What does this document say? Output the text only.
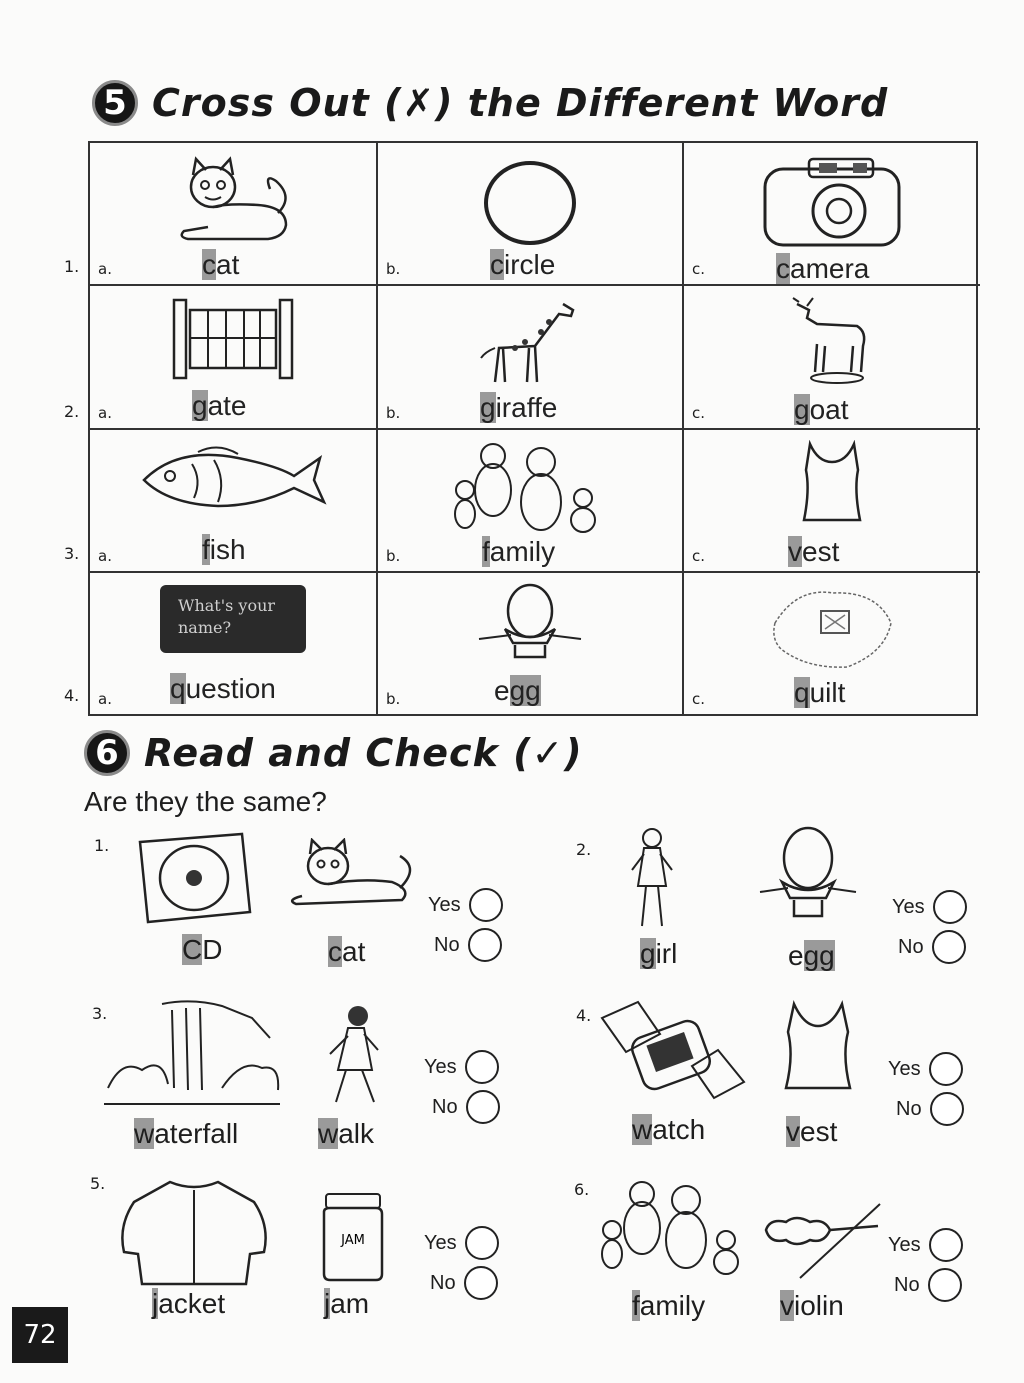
5 Cross Out (✗) the Different Word
1.
2.
3.
4.
a.	cat	b.	circle	c.	camera
a.	gate	b.	giraffe	c.	goat
a.	fish	b.	family	c.	vest
What's your
name?
a. question	b.	egg	c.	quilt
6 Read and Check (✓)
Are they the same?
1.
CD	cat
Yes
No
2.
girl	egg
Yes
No
3.
waterfall	walk
Yes
No
4.
watch	vest
Yes
No
5.
JAM
jacket	jam
Yes
No
6.
family	violin
Yes
No
72
